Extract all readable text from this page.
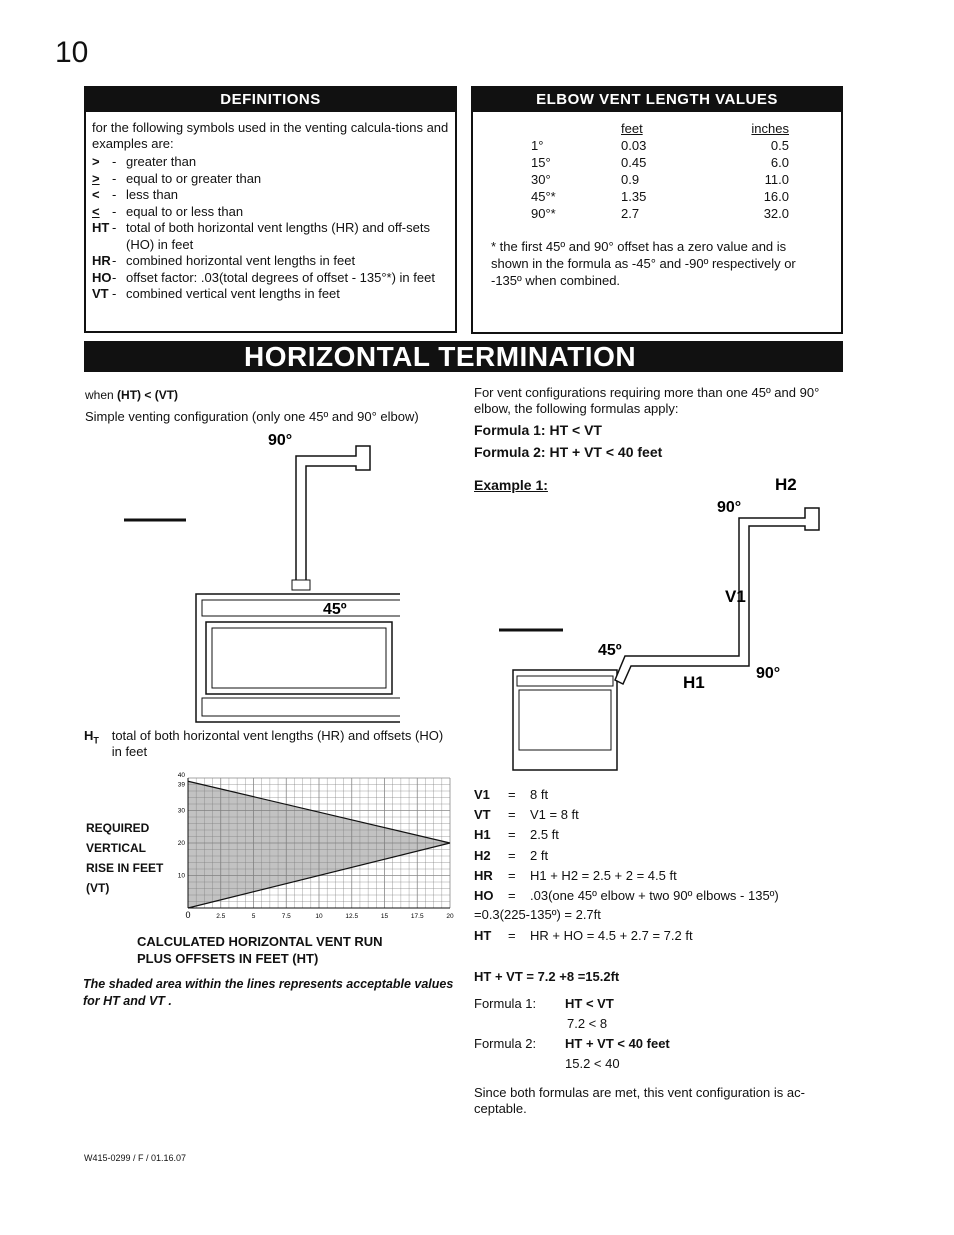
10
DEFINITIONS
for the following symbols used in the venting calcula-tions and examples are:
> - greater than
> - equal to or greater than
< - less than
< - equal to or less than
HT - total of both horizontal vent lengths (HR) and off-sets (HO) in feet
HR - combined horizontal vent lengths in feet
HO - offset factor: .03(total degrees of offset - 135°*) in feet
VT - combined vertical vent lengths in feet
ELBOW VENT LENGTH VALUES
	feet	inches
1°	0.03	0.5
15°	0.45	6.0
30°	0.9	11.0
45°*	1.35	16.0
90°*	2.7	32.0
* the first 45º and 90° offset has a zero value and is shown in the formula as -45° and -90º respectively or -135º when combined.
HORIZONTAL TERMINATION
when (HT) < (VT)
Simple venting configuration (only one 45º and 90° elbow)
90°
45º
$H_T$ total of both horizontal vent lengths (HR) and offsets (HO) in feet
REQUIRED
VERTICAL
RISE IN FEET
(VT)
0	2.5	5	7.5	10	12.5	15	17.5	20
10
20
30
39
40
CALCULATED HORIZONTAL VENT RUN
PLUS OFFSETS IN FEET (HT)
The shaded area within the lines represents acceptable values for HT and VT .
For vent configurations requiring more than one 45º and 90° elbow, the following formulas apply:
Formula 1: HT < VT
Formula 2: HT + VT < 40 feet
Example 1:	H2
90°
V1
45º
H1	90°
V1	=	8 ft
VT	=	V1 = 8 ft
H1	=	2.5 ft
H2	=	2 ft
HR	=	H1 + H2 = 2.5 + 2 = 4.5 ft
HO	=	.03(one 45º elbow + two 90º elbows - 135º)
=0.3(225-135º) = 2.7ft
HT	=	HR + HO = 4.5 + 2.7 = 7.2 ft
HT + VT = 7.2 +8 =15.2ft
Formula 1: HT < VT
7.2 < 8
Formula 2: HT + VT < 40 feet
15.2 < 40
Since both formulas are met, this vent configuration is ac-ceptable.
W415-0299 / F / 01.16.07
